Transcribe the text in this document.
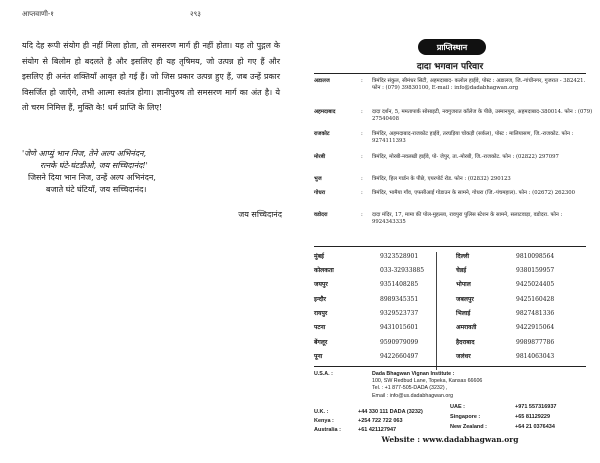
आप्तवाणी-१	२९३
यदि देह रूपी संयोग ही नहीं मिला होता, तो समसरण मार्ग ही नहीं होता। यह तो पुद्गल के संयोग से बिलोम हो बदलते है और इसलिए ही यह तृषिमय, जो उत्पन्न हो गए हैं और इसलिए ही अनंत शक्तियाँ आवृत हो गई हैं। जो जिस प्रकार उत्पन्न हुए हैं, जब उन्हें प्रकार विसर्जित हो जाएँगे, तभी आत्मा स्वतंत्र होगा। ज्ञानीपुरुष तो समसरण मार्ग का अंत है। ये तो चरम निमित्त हैं, मुक्ति के! धर्म प्राप्ति के लिए!
'जेणे आप्युं भान निज, तेने अल्प अभिनंदन,
रत्नके घंटे-घंटडीओ, जय सच्चिदानंद!'
जिसने दिया भान निज, उन्हें अल्प अभिनंदन,
बजाते घंटे घंटियाँ, जय सच्चिदानंद।
जय सच्चिदानंद
प्राप्तिस्थान
दादा भगवान परिवार
अडालज	: त्रिमंदिर संकुल, सीमंधर सिटी, अहमदाबाद- कलोल हाईवे, पोस्ट : अडालज, जि.-गांधीनगर, गुजरात - 382421. फोन : (079) 39830100, E-mail : info@dadabhagwan.org
अहमदाबाद	: दादा दर्शन, 5, ममतापार्क सोसाइटी, नवगुजरात कॉलेज के पीछे, उस्मानपुरा, अहमदाबाद-380014. फोन : (079) 27540408
राजकोट	: त्रिमंदिर, अहमदाबाद-राजकोट हाईवे, तरघड़िया चोकड़ी (सर्कल), पोस्ट : मालियासण, जि.-राजकोट. फोन : 9274111393
मोरबी	: त्रिमंदिर, मोरबी-नवलखी हाईवे, पो- जेपुर, ता.-मोरबी, जि.-राजकोट. फोन : (02822) 297097
भुज	: त्रिमंदिर, हिल गार्डन के पीछे, एयरपोर्ट रोड. फोन : (02832) 290123
गोधरा	: त्रिमंदिर, भामैया गाँव, एफसीआई गोडाउन के सामने, गोधरा (जि.-पंचमहाल). फोन : (02672) 262300
वडोदरा	: दादा मंदिर, 17, मामा की पोल-मुहल्ला, रावपुरा पुलिस स्टेशन के सामने, सलाटवाड़ा, वडोदरा. फोन : 9924343335
मुंबई	9323528901	दिल्ली	9810098564
कोलकता	033-32933885	चेन्नई	9380159957
जयपुर	9351408285	भोपाल	9425024405
इन्दौर	8989345351	जबलपुर	9425160428
रायपुर	9329523737	भिलाई	9827481336
पटना	9431015601	अमरावती	9422915064
बेंगलूर	9590979099	हैदराबाद	9989877786
पूना	9422660497	जलंधर	9814063043
U.S.A. :	Dada Bhagwan Vignan Institute :
100, SW Redbud Lane, Topeka, Kansas 66606
Tel. : +1 877-505-DADA (3232) ,
Email : info@us.dadabhagwan.org
U.K. :	+44 330 111 DADA (3232)
Kenya :	+254 722 722 063
Australia :	+61 421127947
UAE :	+971 557316937
Singapore :	+65 81129229
New Zealand :	+64 21 0376434
Website : www.dadabhagwan.org
